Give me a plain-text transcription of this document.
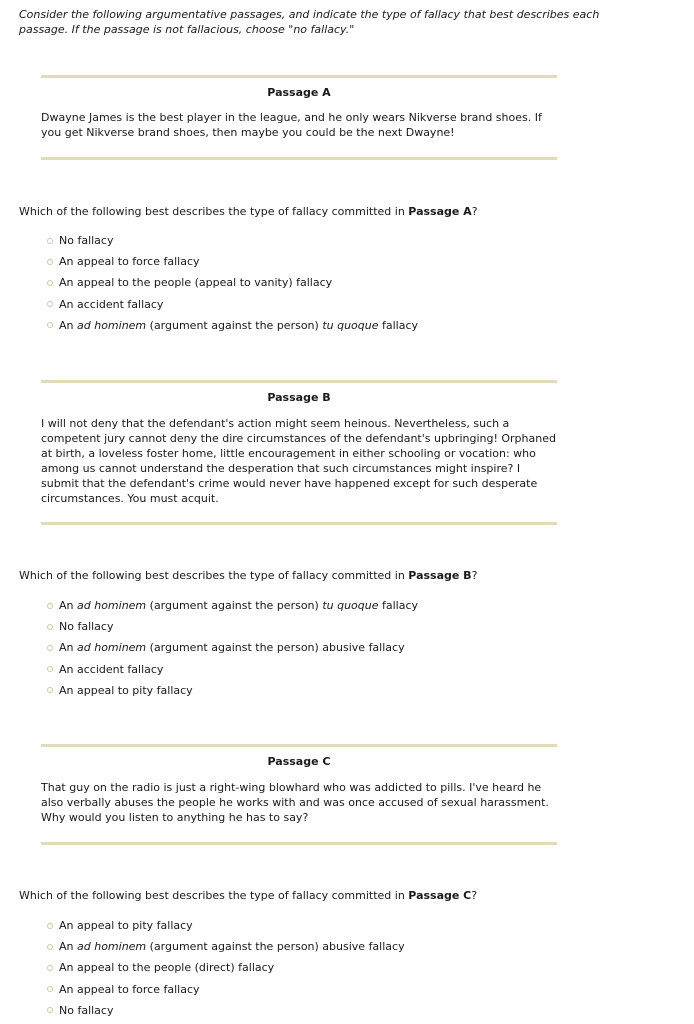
Consider the following argumentative passages, and indicate the type of fallacy that best describes each passage. If the passage is not fallacious, choose "no fallacy."
Passage A
Dwayne James is the best player in the league, and he only wears Nikverse brand shoes. If you get Nikverse brand shoes, then maybe you could be the next Dwayne!
Which of the following best describes the type of fallacy committed in Passage A?
No fallacy
An appeal to force fallacy
An appeal to the people (appeal to vanity) fallacy
An accident fallacy
An ad hominem (argument against the person) tu quoque fallacy
Passage B
I will not deny that the defendant's action might seem heinous. Nevertheless, such a competent jury cannot deny the dire circumstances of the defendant's upbringing! Orphaned at birth, a loveless foster home, little encouragement in either schooling or vocation: who among us cannot understand the desperation that such circumstances might inspire? I submit that the defendant's crime would never have happened except for such desperate circumstances. You must acquit.
Which of the following best describes the type of fallacy committed in Passage B?
An ad hominem (argument against the person) tu quoque fallacy
No fallacy
An ad hominem (argument against the person) abusive fallacy
An accident fallacy
An appeal to pity fallacy
Passage C
That guy on the radio is just a right-wing blowhard who was addicted to pills. I've heard he also verbally abuses the people he works with and was once accused of sexual harassment. Why would you listen to anything he has to say?
Which of the following best describes the type of fallacy committed in Passage C?
An appeal to pity fallacy
An ad hominem (argument against the person) abusive fallacy
An appeal to the people (direct) fallacy
An appeal to force fallacy
No fallacy
